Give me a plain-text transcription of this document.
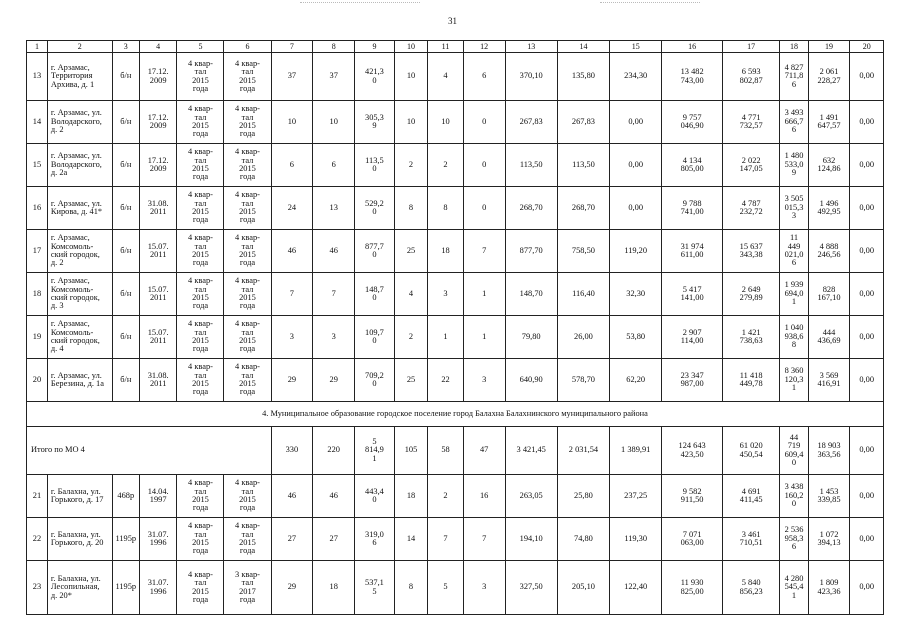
31
1	2	3	4	5	6	7	8	9	10	11	12	13	14	15	16	17	18	19	20
13	г. Арзамас,
Территория
Архива, д. 1	б/н	17.12.
2009	4 квар-
тал
2015
года	4 квар-
тал
2015
года	37	37	421,3
0	10	4	6	370,10	135,80	234,30	13 482
743,00	6 593
802,87	4 827
711,8
6	2 061
228,27	0,00
14	г. Арзамас, ул.
Володарского,
д. 2	б/н	17.12.
2009	4 квар-
тал
2015
года	4 квар-
тал
2015
года	10	10	305,3
9	10	10	0	267,83	267,83	0,00	9 757
046,90	4 771
732,57	3 493
666,7
6	1 491
647,57	0,00
15	г. Арзамас, ул.
Володарского,
д. 2а	б/н	17.12.
2009	4 квар-
тал
2015
года	4 квар-
тал
2015
года	6	6	113,5
0	2	2	0	113,50	113,50	0,00	4 134
805,00	2 022
147,05	1 480
533,0
9	632
124,86	0,00
16	г. Арзамас, ул.
Кирова, д. 41*	б/н	31.08.
2011	4 квар-
тал
2015
года	4 квар-
тал
2015
года	24	13	529,2
0	8	8	0	268,70	268,70	0,00	9 788
741,00	4 787
232,72	3 505
015,3
3	1 496
492,95	0,00
17	г. Арзамас,
Комсомоль-
ский городок,
д. 2	б/н	15.07.
2011	4 квар-
тал
2015
года	4 квар-
тал
2015
года	46	46	877,7
0	25	18	7	877,70	758,50	119,20	31 974
611,00	15 637
343,38	11
449
021,0
6	4 888
246,56	0,00
18	г. Арзамас,
Комсомоль-
ский городок,
д. 3	б/н	15.07.
2011	4 квар-
тал
2015
года	4 квар-
тал
2015
года	7	7	148,7
0	4	3	1	148,70	116,40	32,30	5 417
141,00	2 649
279,89	1 939
694,0
1	828
167,10	0,00
19	г. Арзамас,
Комсомоль-
ский городок,
д. 4	б/н	15.07.
2011	4 квар-
тал
2015
года	4 квар-
тал
2015
года	3	3	109,7
0	2	1	1	79,80	26,00	53,80	2 907
114,00	1 421
738,63	1 040
938,6
8	444
436,69	0,00
20	г. Арзамас, ул.
Березина, д. 1а	б/н	31.08.
2011	4 квар-
тал
2015
года	4 квар-
тал
2015
года	29	29	709,2
0	25	22	3	640,90	578,70	62,20	23 347
987,00	11 418
449,78	8 360
120,3
1	3 569
416,91	0,00
4. Муниципальное образование городское поселение город Балахна Балахнинского муниципального района																			
Итого по МО 4						330	220	5
814,9
1	105	58	47	3 421,45	2 031,54	1 389,91	124 643
423,50	61 020
450,54	44
719
609,4
0	18 903
363,56	0,00
21	г. Балахна, ул.
Горького, д. 17	468р	14.04.
1997	4 квар-
тал
2015
года	4 квар-
тал
2015
года	46	46	443,4
0	18	2	16	263,05	25,80	237,25	9 582
911,50	4 691
411,45	3 438
160,2
0	1 453
339,85	0,00
22	г. Балахна, ул.
Горького, д. 20	1195р	31.07.
1996	4 квар-
тал
2015
года	4 квар-
тал
2015
года	27	27	319,0
6	14	7	7	194,10	74,80	119,30	7 071
063,00	3 461
710,51	2 536
958,3
6	1 072
394,13	0,00
23	г. Балахна, ул.
Лесопильная,
д. 20*	1195р	31.07.
1996	4 квар-
тал
2015
года	3 квар-
тал
2017
года	29	18	537,1
5	8	5	3	327,50	205,10	122,40	11 930
825,00	5 840
856,23	4 280
545,4
1	1 809
423,36	0,00
